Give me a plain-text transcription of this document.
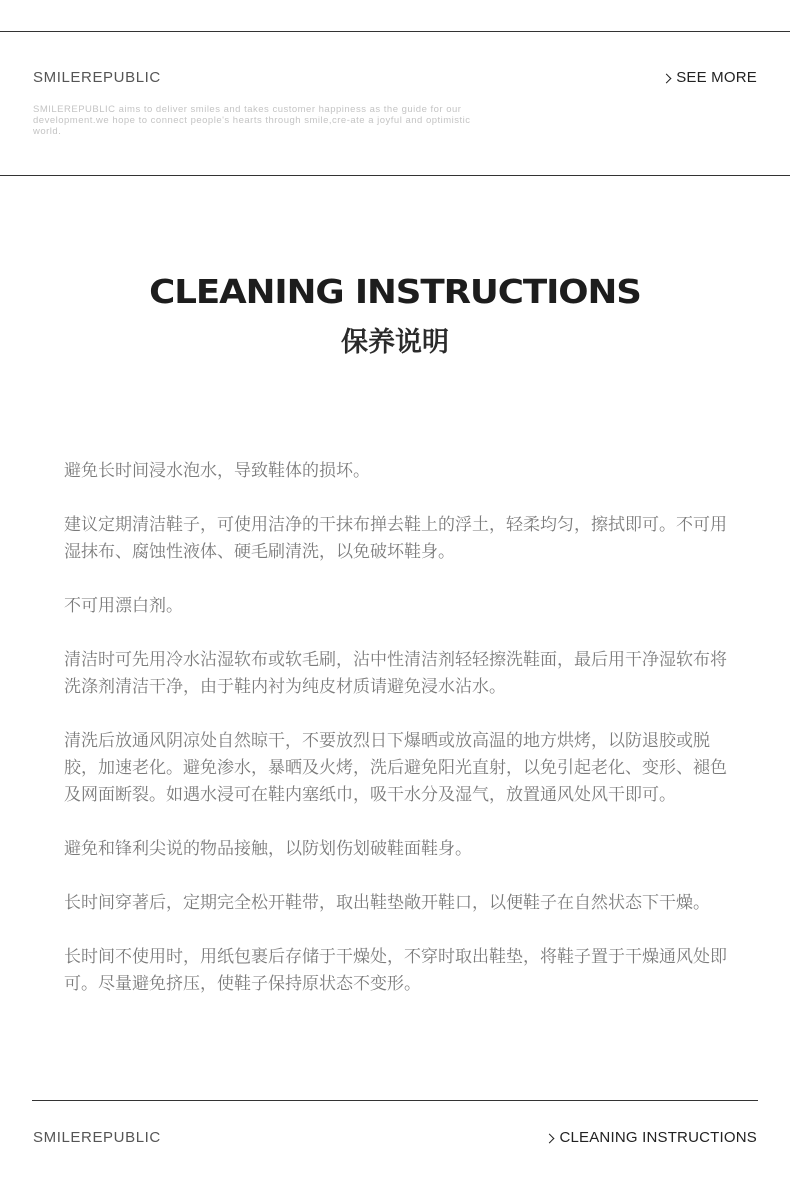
SMILEREPUBLIC	SEE MORE
SMILEREPUBLIC aims to deliver smiles and takes customer happiness as the guide for our development.we hope to connect people's hearts through smile,cre-ate a joyful and optimistic world.
CLEANING INSTRUCTIONS
保养说明

避免长时间浸水泡水，导致鞋体的损坏。

建议定期清洁鞋子，可使用洁净的干抹布掸去鞋上的浮土，轻柔均匀，擦拭即可。不可用湿抹布、腐蚀性液体、硬毛刷清洗，以免破坏鞋身。

不可用漂白剂。

清洁时可先用冷水沾湿软布或软毛刷，沾中性清洁剂轻轻擦洗鞋面，最后用干净湿软布将洗涤剂清洁干净，由于鞋内衬为纯皮材质请避免浸水沾水。

清洗后放通风阴凉处自然晾干，不要放烈日下爆晒或放高温的地方烘烤，以防退胶或脱胶，加速老化。避免渗水，暴晒及火烤，洗后避免阳光直射，以免引起老化、变形、褪色及网面断裂。如遇水浸可在鞋内塞纸巾，吸干水分及湿气，放置通风处风干即可。

避免和锋利尖说的物品接触，以防划伤划破鞋面鞋身。

长时间穿著后，定期完全松开鞋带，取出鞋垫敞开鞋口，以便鞋子在自然状态下干燥。

长时间不使用时，用纸包裹后存储于干燥处，不穿时取出鞋垫，将鞋子置于干燥通风处即可。尽量避免挤压，使鞋子保持原状态不变形。

SMILEREPUBLIC	CLEANING INSTRUCTIONS
